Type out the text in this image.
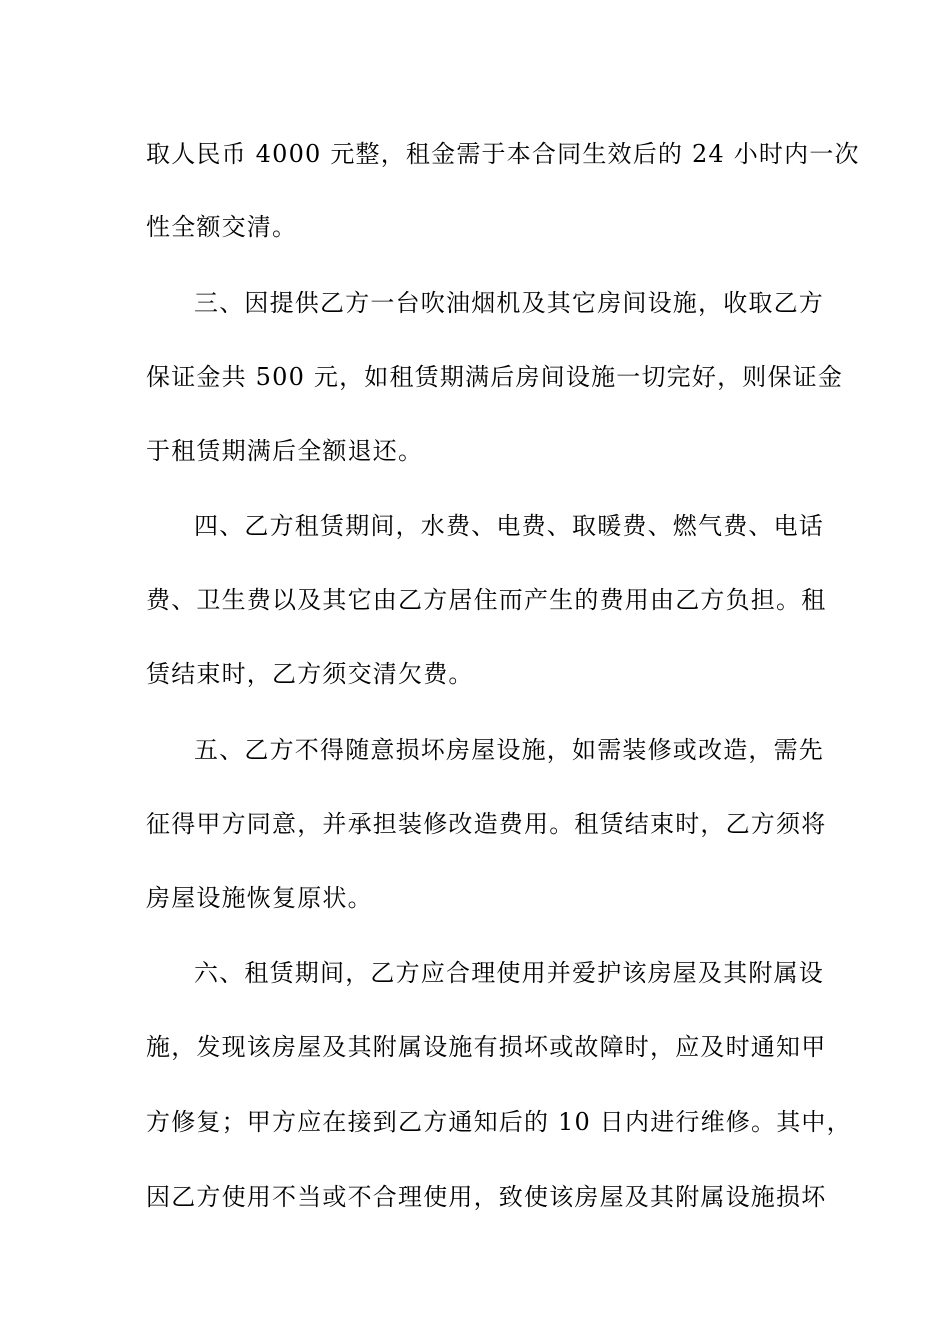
取人民币 4000 元整，租金需于本合同生效后的 24 小时内一次
性全额交清。
三、因提供乙方一台吹油烟机及其它房间设施，收取乙方
保证金共 500 元，如租赁期满后房间设施一切完好，则保证金
于租赁期满后全额退还。
四、乙方租赁期间，水费、电费、取暖费、燃气费、电话
费、卫生费以及其它由乙方居住而产生的费用由乙方负担。租
赁结束时，乙方须交清欠费。
五、乙方不得随意损坏房屋设施，如需装修或改造，需先
征得甲方同意，并承担装修改造费用。租赁结束时，乙方须将
房屋设施恢复原状。
六、租赁期间，乙方应合理使用并爱护该房屋及其附属设
施，发现该房屋及其附属设施有损坏或故障时，应及时通知甲
方修复；甲方应在接到乙方通知后的 10 日内进行维修。其中，
因乙方使用不当或不合理使用，致使该房屋及其附属设施损坏
